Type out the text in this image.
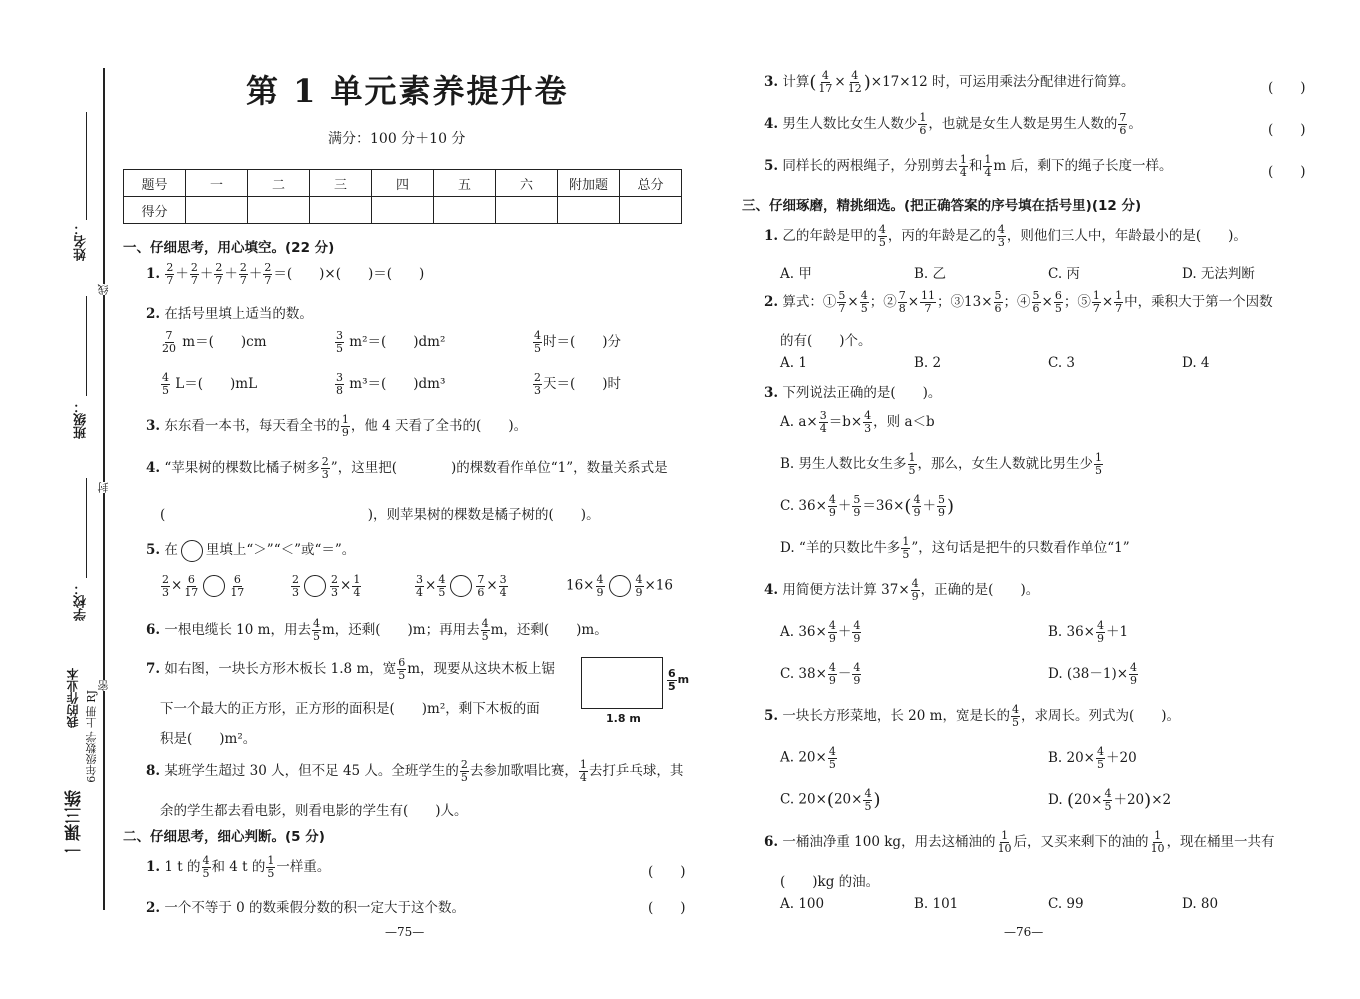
姓名：
班级：
学校：
线
封
密
一课三练
我的作业本 6年级数学 上册 RJ
第 1 单元素养提升卷
满分：100 分＋10 分
题号	一	二	三	四	五	六	附加题	总分
得分								
一、仔细思考，用心填空。(22 分)
1. $\frac{2}{7} + \frac{2}{7} + \frac{2}{7} + \frac{2}{7} + \frac{2}{7}$ ＝(　　)×(　　)＝(　　)
2. 在括号里填上适当的数。
$\frac{7}{20} m=$(　　)cm	$\frac{3}{5} m^2=$(　　)dm²	$\frac{4}{5}$ 时＝(　　)分
$\frac{4}{5} L=$(　　)mL	$\frac{3}{8} m^3=$(　　)dm³	$\frac{2}{3}$ 天＝(　　)时
3. 东东看一本书，每天看全书的 $\frac{1}{9}$ ，他 4 天看了全书的(　　)。
4. “苹果树的棵数比橘子树多 $\frac{2}{3}$ ”，这里把(　　　　)的棵数看作单位“1”，数量关系式是
(　　　　　　　　　　　　　　　)，则苹果树的棵数是橘子树的(　　)。
5. 在 里填上“＞”“＜”或“＝”。
$\frac{2}{3} \times \frac{6}{17}$	$\frac{6}{17}$	$\frac{2}{3}$	$\frac{2}{3} \times \frac{1}{4}$	$\frac{3}{4} \times \frac{4}{5}$	$\frac{7}{6} \times \frac{3}{4}$	$16\times \frac{4}{9}$	$\frac{4}{9} \times 16$
6. 一根电缆长 10 m，用去 $\frac{4}{5}$ m，还剩(　　)m；再用去 $\frac{4}{5}$ m，还剩(　　)m。
7. 如右图，一块长方形木板长 1.8 m，宽 $\frac{6}{5}$ m，现要从这块木板上锯
下一个最大的正方形，正方形的面积是(　　)m²，剩下木板的面
积是(　　)m²。
1.8 m
$\frac{6}{5}$ m
8. 某班学生超过 30 人，但不足 45 人。全班学生的 $\frac{2}{5}$ 去参加歌唱比赛， $\frac{1}{4}$ 去打乒乓球，其
余的学生都去看电影，则看电影的学生有(　　)人。
二、仔细思考，细心判断。(5 分)
1. 1 t 的 $\frac{4}{5}$ 和 4 t 的 $\frac{1}{5}$ 一样重。	(　　)
2. 一个不等于 0 的数乘假分数的积一定大于这个数。	(　　)
—75—
3. 计算( $\frac{4}{17} \times \frac{4}{12} )\times 17\times 12$ 时，可运用乘法分配律进行简算。	(　　)
4. 男生人数比女生人数少 $\frac{1}{6}$ ，也就是女生人数是男生人数的 $\frac{7}{6}$ 。	(　　)
5. 同样长的两根绳子，分别剪去 $\frac{1}{4}$ 和 $\frac{1}{4}$ m 后，剩下的绳子长度一样。	(　　)
三、仔细琢磨，精挑细选。(把正确答案的序号填在括号里)(12 分)
1. 乙的年龄是甲的 $\frac{4}{5}$ ，丙的年龄是乙的 $\frac{4}{3}$ ，则他们三人中，年龄最小的是(　　)。
A. 甲	B. 乙	C. 丙	D. 无法判断
2. 算式：① $\frac{5}{7} \times \frac{4}{5}$ ；② $\frac{7}{8} \times \frac{11}{7}$ ；③13× $\frac{5}{6}$ ；④ $\frac{5}{6} \times \frac{6}{5}$ ；⑤ $\frac{1}{7} \times \frac{1}{7}$ 中，乘积大于第一个因数
的有(　　)个。
A. 1	B. 2	C. 3	D. 4
3. 下列说法正确的是(　　)。
A. $a\times \frac{3}{4} =b\times \frac{4}{3}$ ，则 a＜b
B. 男生人数比女生多 $\frac{1}{5}$ ，那么，女生人数就比男生少 $\frac{1}{5}$
C. $36\times \frac{4}{9} + \frac{5}{9} =36\times( \frac{4}{9} + \frac{5}{9}$ )
D. “羊的只数比牛多 $\frac{1}{5}$ ”，这句话是把牛的只数看作单位“1”
4. 用简便方法计算 $37\times \frac{4}{9}$ ，正确的是(　　)。
A. $36\times \frac{4}{9} + \frac{4}{9}$	B. $36\times \frac{4}{9} +1$
C. $38\times \frac{4}{9} - \frac{4}{9}$	D. $(38-1)\times \frac{4}{9}$
5. 一块长方形菜地，长 20 m，宽是长的 $\frac{4}{5}$ ，求周长。列式为(　　)。
A. $20\times \frac{4}{5}$	B. $20\times \frac{4}{5} +20$
C. $20\times(20\times \frac{4}{5}$ )	D. $(20\times \frac{4}{5} +20)\times 2$
6. 一桶油净重 100 kg，用去这桶油的 $\frac{1}{10}$ 后，又买来剩下的油的 $\frac{1}{10}$ ，现在桶里一共有
(　　)kg 的油。
A. 100	B. 101	C. 99	D. 80
—76—
